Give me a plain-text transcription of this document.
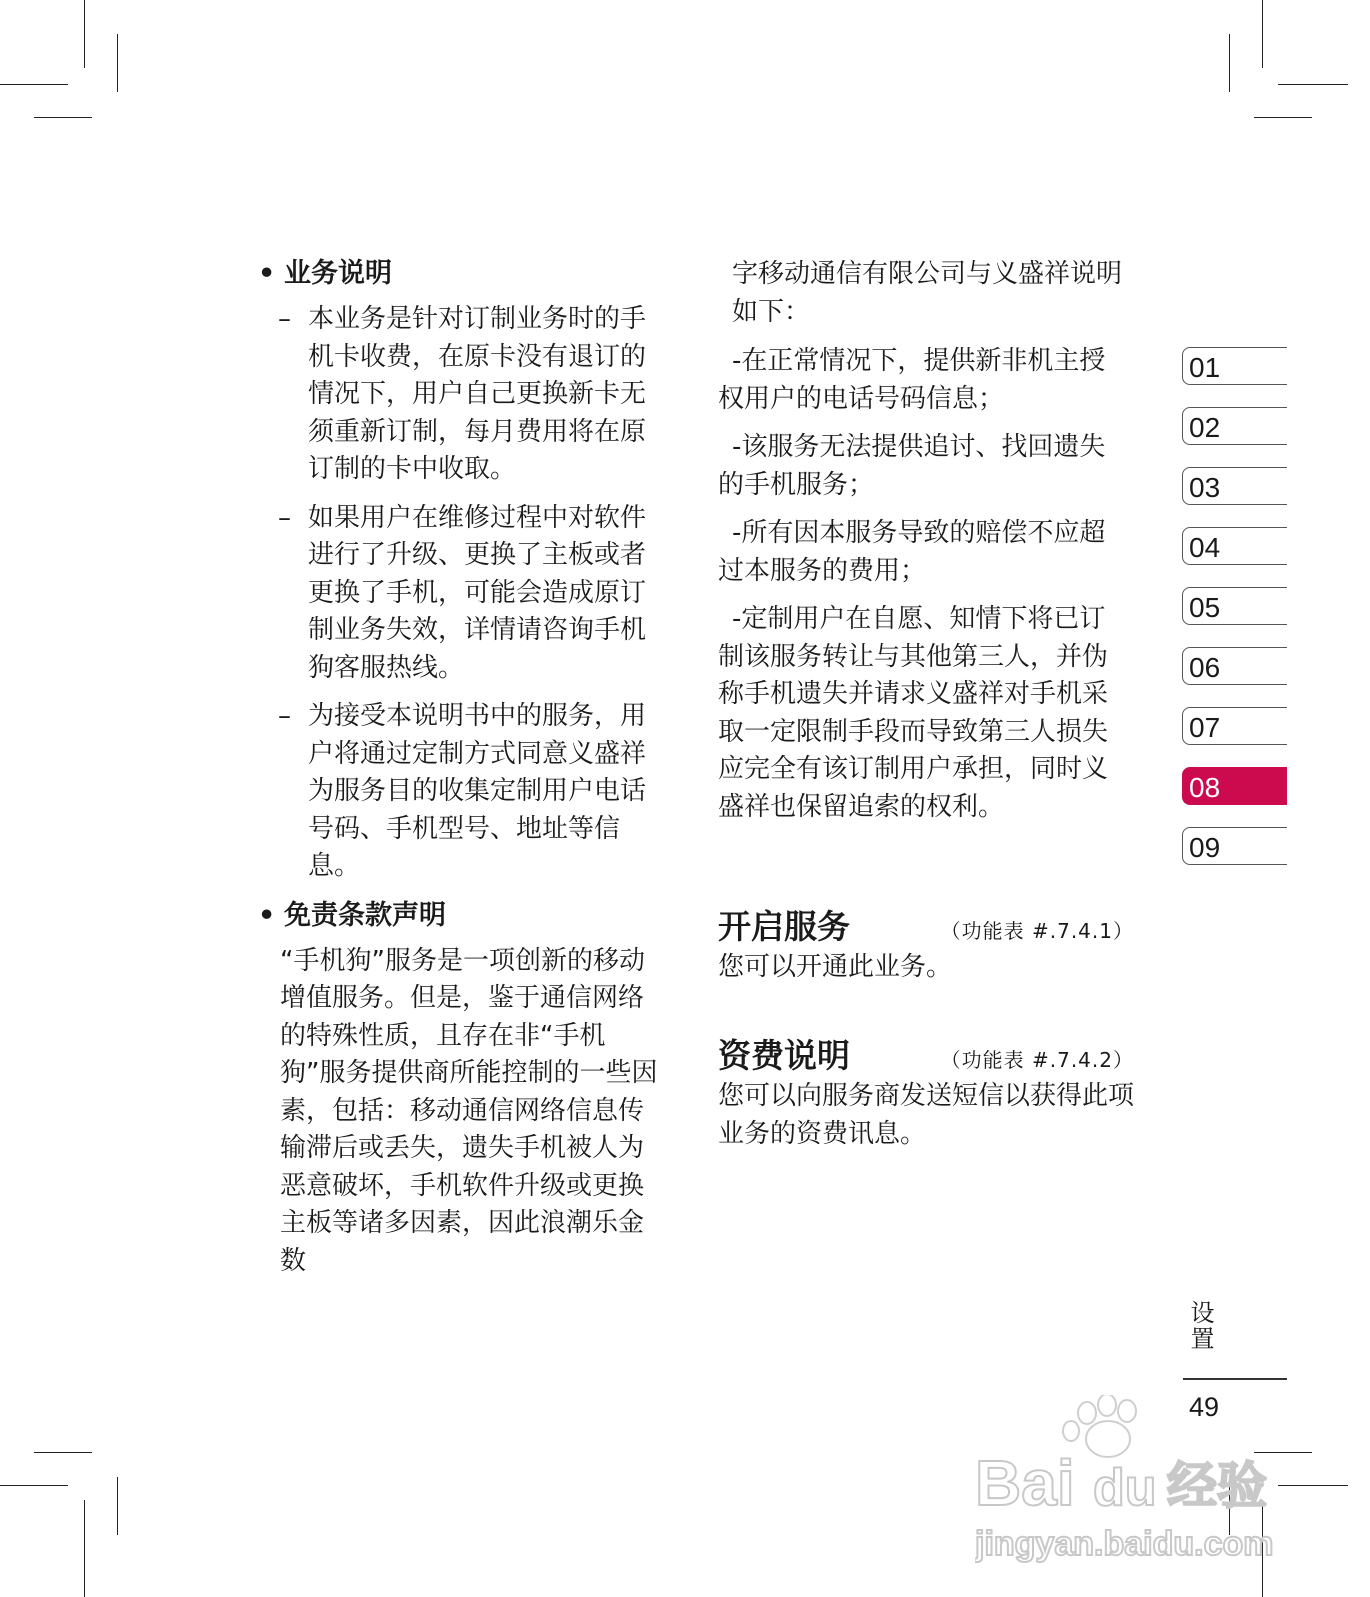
• 业务说明
– 本业务是针对订制业务时的手机卡收费，在原卡没有退订的情况下，用户自己更换新卡无须重新订制，每月费用将在原订制的卡中收取。
– 如果用户在维修过程中对软件进行了升级、更换了主板或者更换了手机，可能会造成原订制业务失效，详情请咨询手机狗客服热线。
– 为接受本说明书中的服务，用户将通过定制方式同意义盛祥为服务目的收集定制用户电话号码、手机型号、地址等信息。
• 免责条款声明

“手机狗”服务是一项创新的移动增值服务。但是，鉴于通信网络的特殊性质，且存在非“手机狗”服务提供商所能控制的一些因素，包括：移动通信网络信息传输滞后或丢失，遗失手机被人为恶意破坏，手机软件升级或更换主板等诸多因素，因此浪潮乐金数

字移动通信有限公司与义盛祥说明如下：
-在正常情况下，提供新非机主授权用户的电话号码信息；
-该服务无法提供追讨、找回遗失的手机服务；
-所有因本服务导致的赔偿不应超过本服务的费用；
-定制用户在自愿、知情下将已订制该服务转让与其他第三人，并伪称手机遗失并请求义盛祥对手机采取一定限制手段而导致第三人损失应完全有该订制用户承担，同时义盛祥也保留追索的权利。
开启服务	（功能表 #.7.4.1）
您可以开通此业务。
资费说明	（功能表 #.7.4.2）
您可以向服务商发送短信以获得此项业务的资费讯息。
01
02
03
04
05
06
07
08
09
设置
49
Bai du 经验
jingyan.baidu.com
